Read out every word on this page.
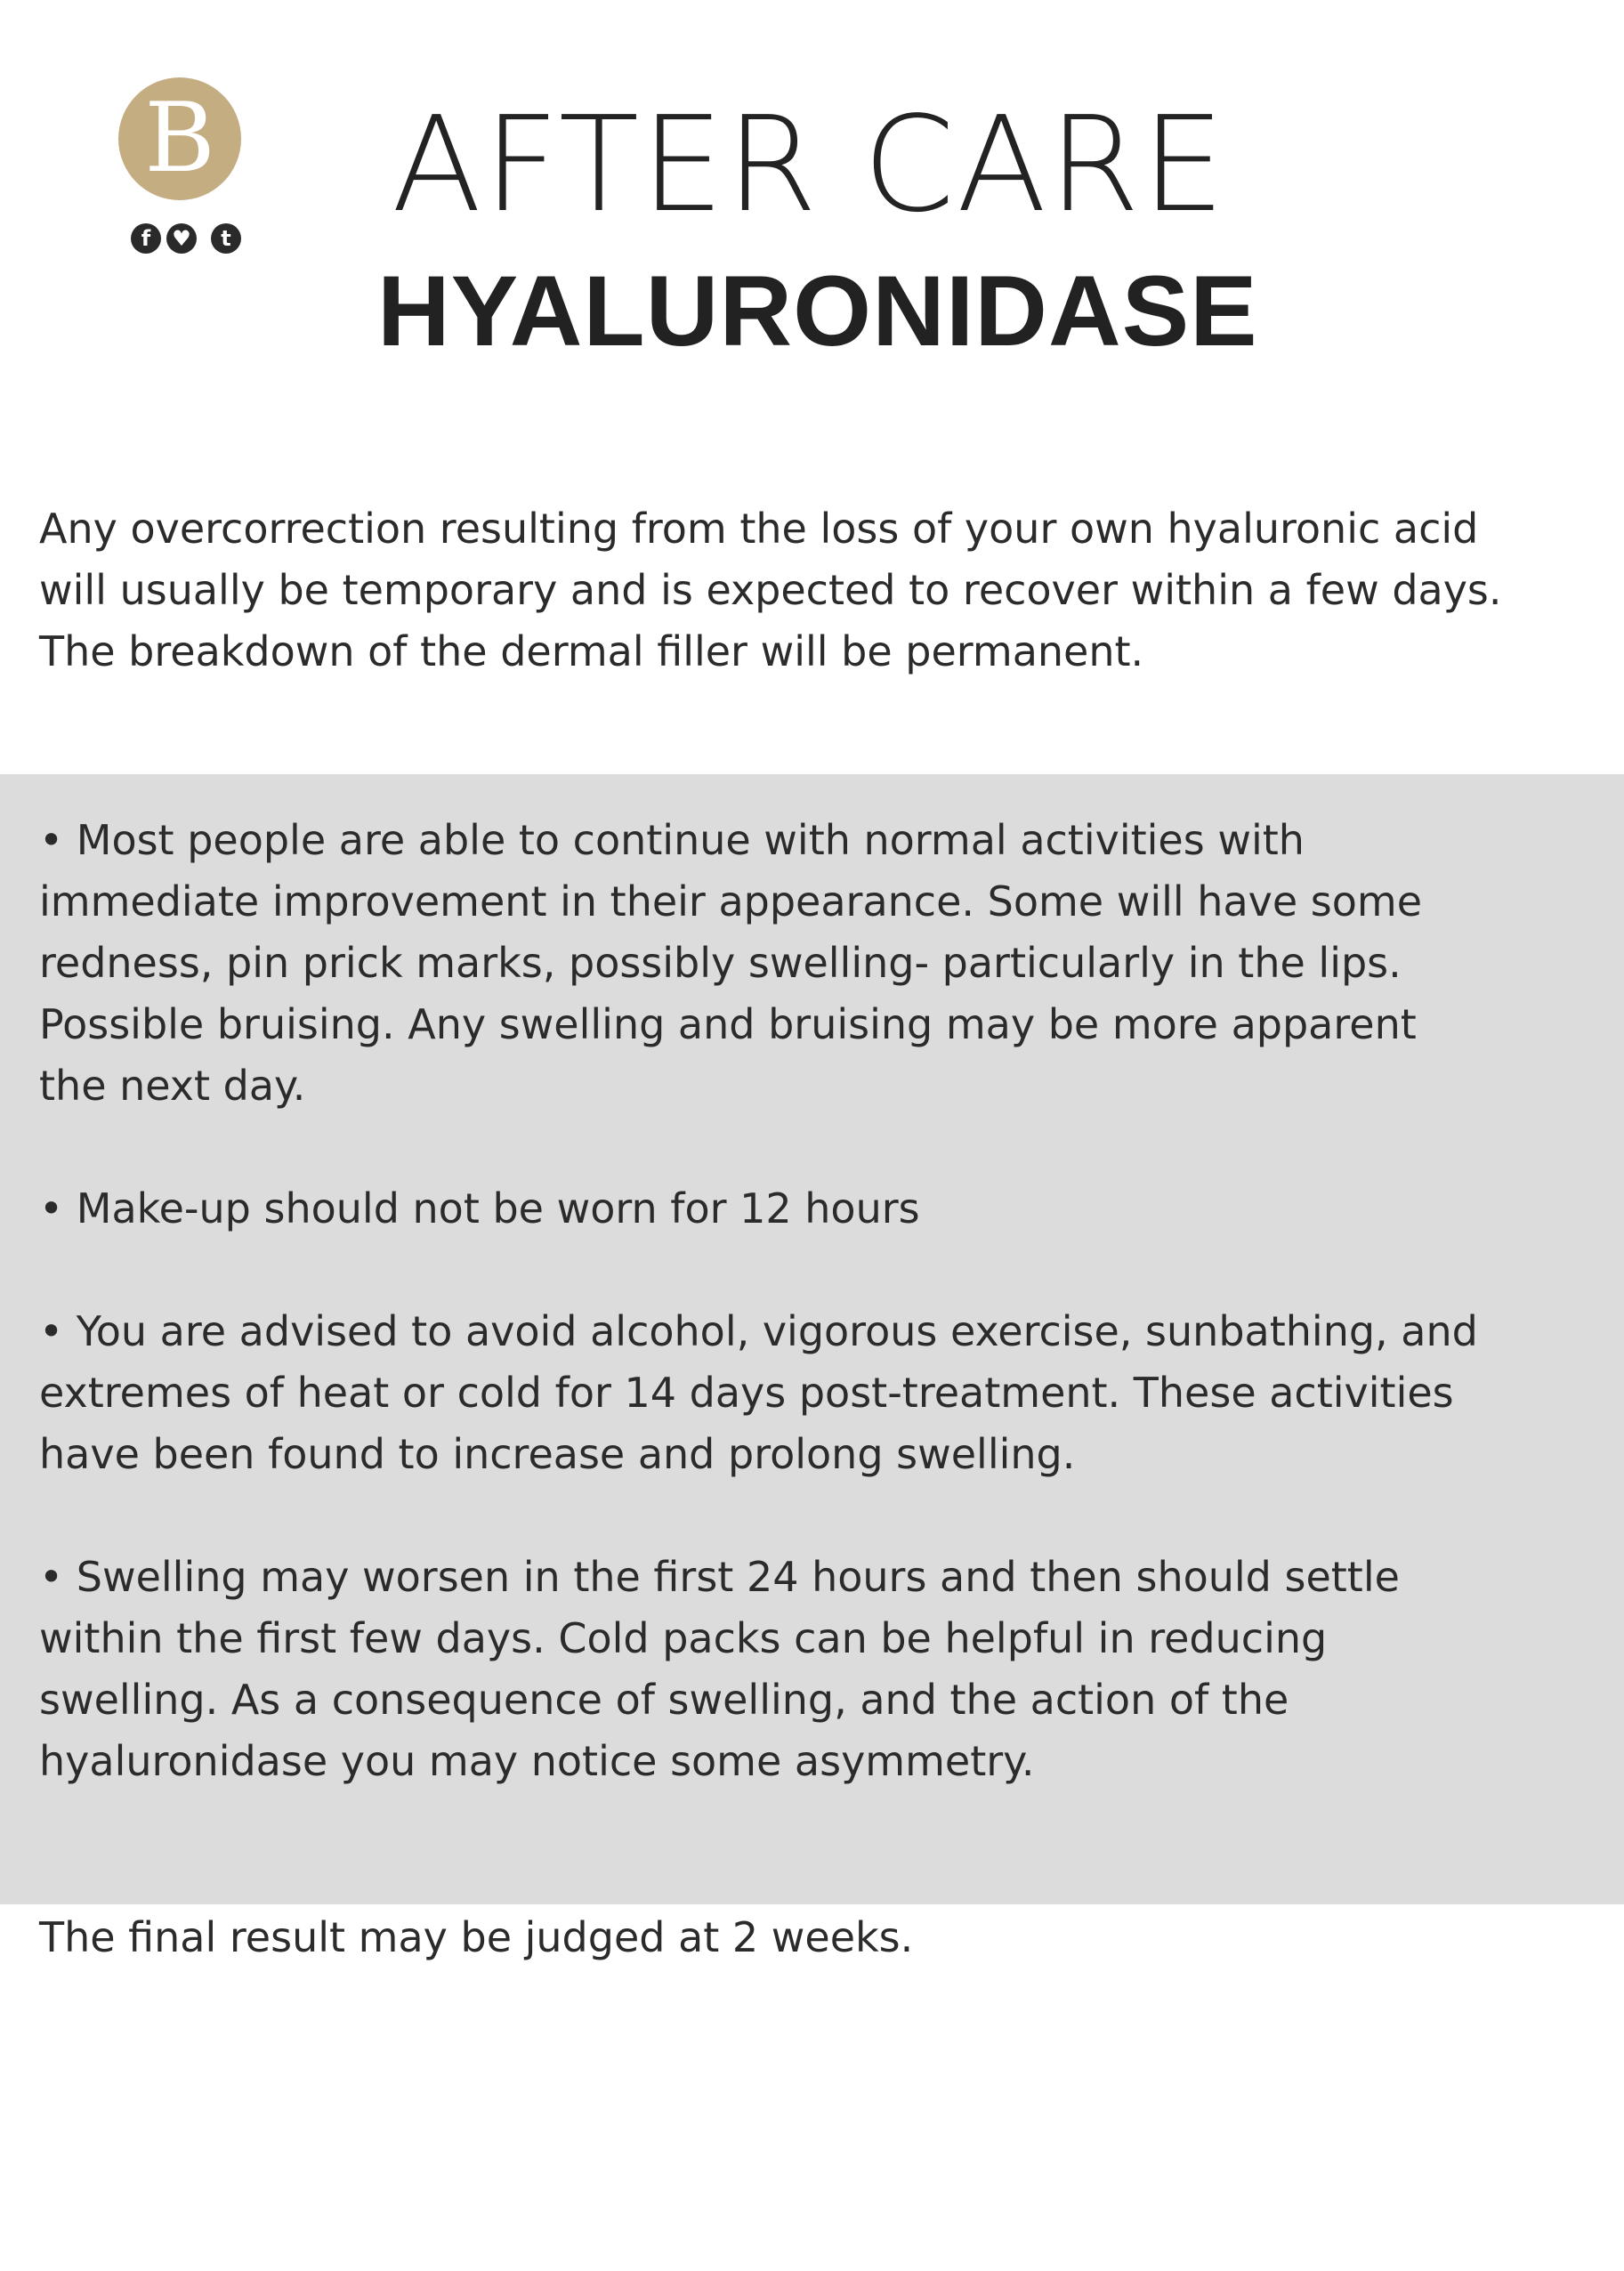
B
f	♥	t AFTER CARE
HYALURONIDASE

Any overcorrection resulting from the loss of your own hyaluronic acid
will usually be temporary and is expected to recover within a few days.
The breakdown of the dermal filler will be permanent.

• Most people are able to continue with normal activities with
immediate improvement in their appearance. Some will have some
redness, pin prick marks, possibly swelling- particularly in the lips.
Possible bruising. Any swelling and bruising may be more apparent
the next day.

• Make-up should not be worn for 12 hours

• You are advised to avoid alcohol, vigorous exercise, sunbathing, and
extremes of heat or cold for 14 days post-treatment. These activities
have been found to increase and prolong swelling.

• Swelling may worsen in the first 24 hours and then should settle
within the first few days. Cold packs can be helpful in reducing
swelling. As a consequence of swelling, and the action of the
hyaluronidase you may notice some asymmetry.

The final result may be judged at 2 weeks.
